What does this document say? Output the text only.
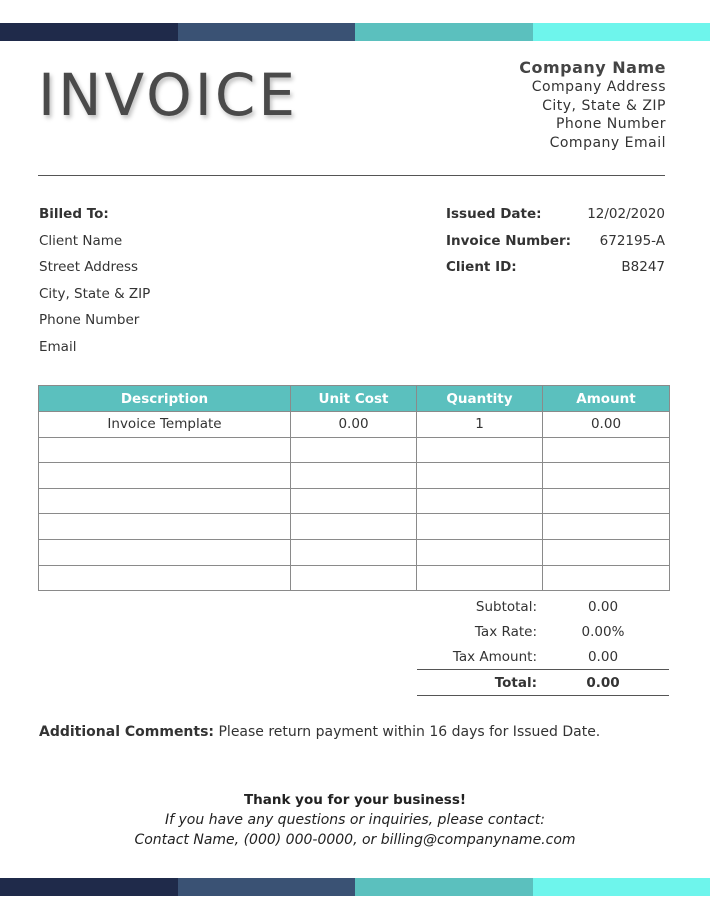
INVOICE	Company Name
Company Address
City, State & ZIP
Phone Number
Company Email
Billed To:
Client Name
Street Address
City, State & ZIP
Phone Number
Email
Issued Date:	12/02/2020
Invoice Number: 672195-A
Client ID:	B8247
Description	Unit Cost	Quantity	Amount
Invoice Template	0.00	1	0.00

Subtotal:	0.00
Tax Rate:	0.00%
Tax Amount:	0.00
Total:	0.00
Additional Comments: Please return payment within 16 days for Issued Date.
Thank you for your business!
If you have any questions or inquiries, please contact:
Contact Name, (000) 000-0000, or billing@companyname.com
